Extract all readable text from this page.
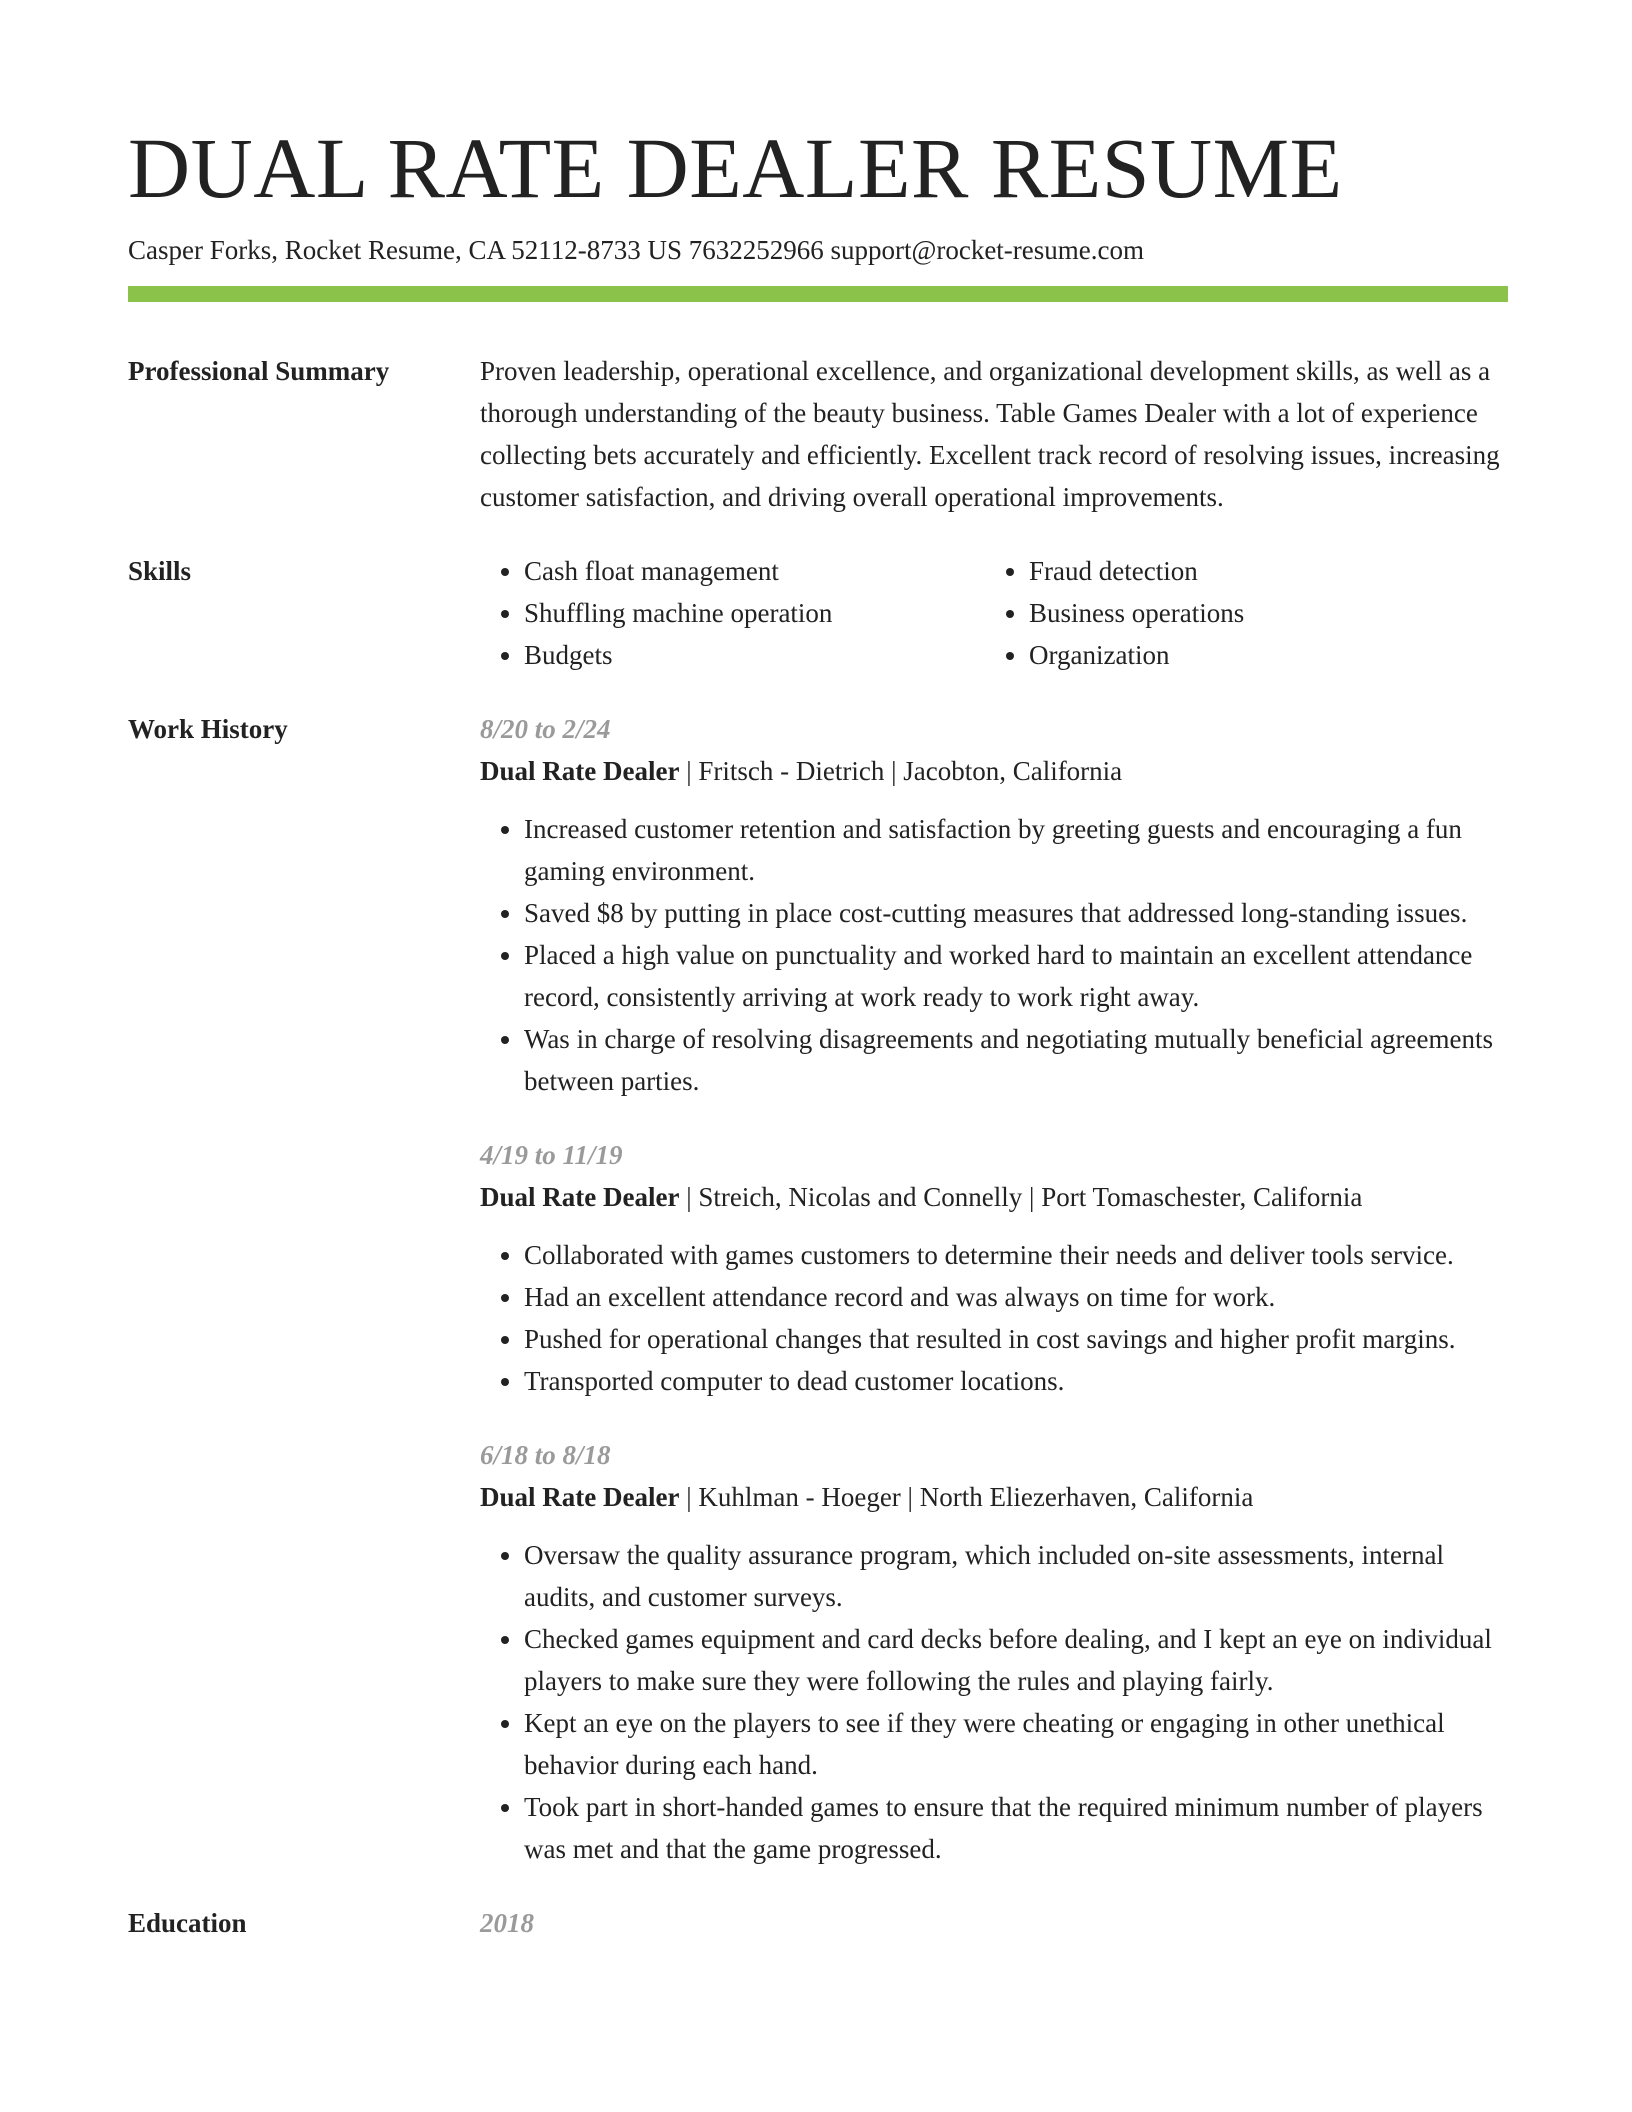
DUAL RATE DEALER RESUME
Casper Forks, Rocket Resume, CA 52112-8733 US 7632252966 support@rocket-resume.com
Professional Summary	Proven leadership, operational excellence, and organizational development skills, as well as a thorough understanding of the beauty business. Table Games Dealer with a lot of experience collecting bets accurately and efficiently. Excellent track record of resolving issues, increasing customer satisfaction, and driving overall operational improvements.

Skills
•	Cash float management
• Shuffling machine operation
• Budgets
• Fraud detection
• Business operations
• Organization
Work History	8/20 to 2/24
Dual Rate Dealer | Fritsch - Dietrich | Jacobton, California
• Increased customer retention and satisfaction by greeting guests and encouraging a fun gaming environment.
• Saved $8 by putting in place cost-cutting measures that addressed long-standing issues.
• Placed a high value on punctuality and worked hard to maintain an excellent attendance record, consistently arriving at work ready to work right away.
• Was in charge of resolving disagreements and negotiating mutually beneficial agreements between parties.
4/19 to 11/19
Dual Rate Dealer | Streich, Nicolas and Connelly | Port Tomaschester, California
• Collaborated with games customers to determine their needs and deliver tools service.
• Had an excellent attendance record and was always on time for work.
• Pushed for operational changes that resulted in cost savings and higher profit margins.
• Transported computer to dead customer locations.
6/18 to 8/18
Dual Rate Dealer | Kuhlman - Hoeger | North Eliezerhaven, California
• Oversaw the quality assurance program, which included on-site assessments, internal audits, and customer surveys.
• Checked games equipment and card decks before dealing, and I kept an eye on individual players to make sure they were following the rules and playing fairly.
• Kept an eye on the players to see if they were cheating or engaging in other unethical behavior during each hand.
• Took part in short-handed games to ensure that the required minimum number of players was met and that the game progressed.
Education	2018
